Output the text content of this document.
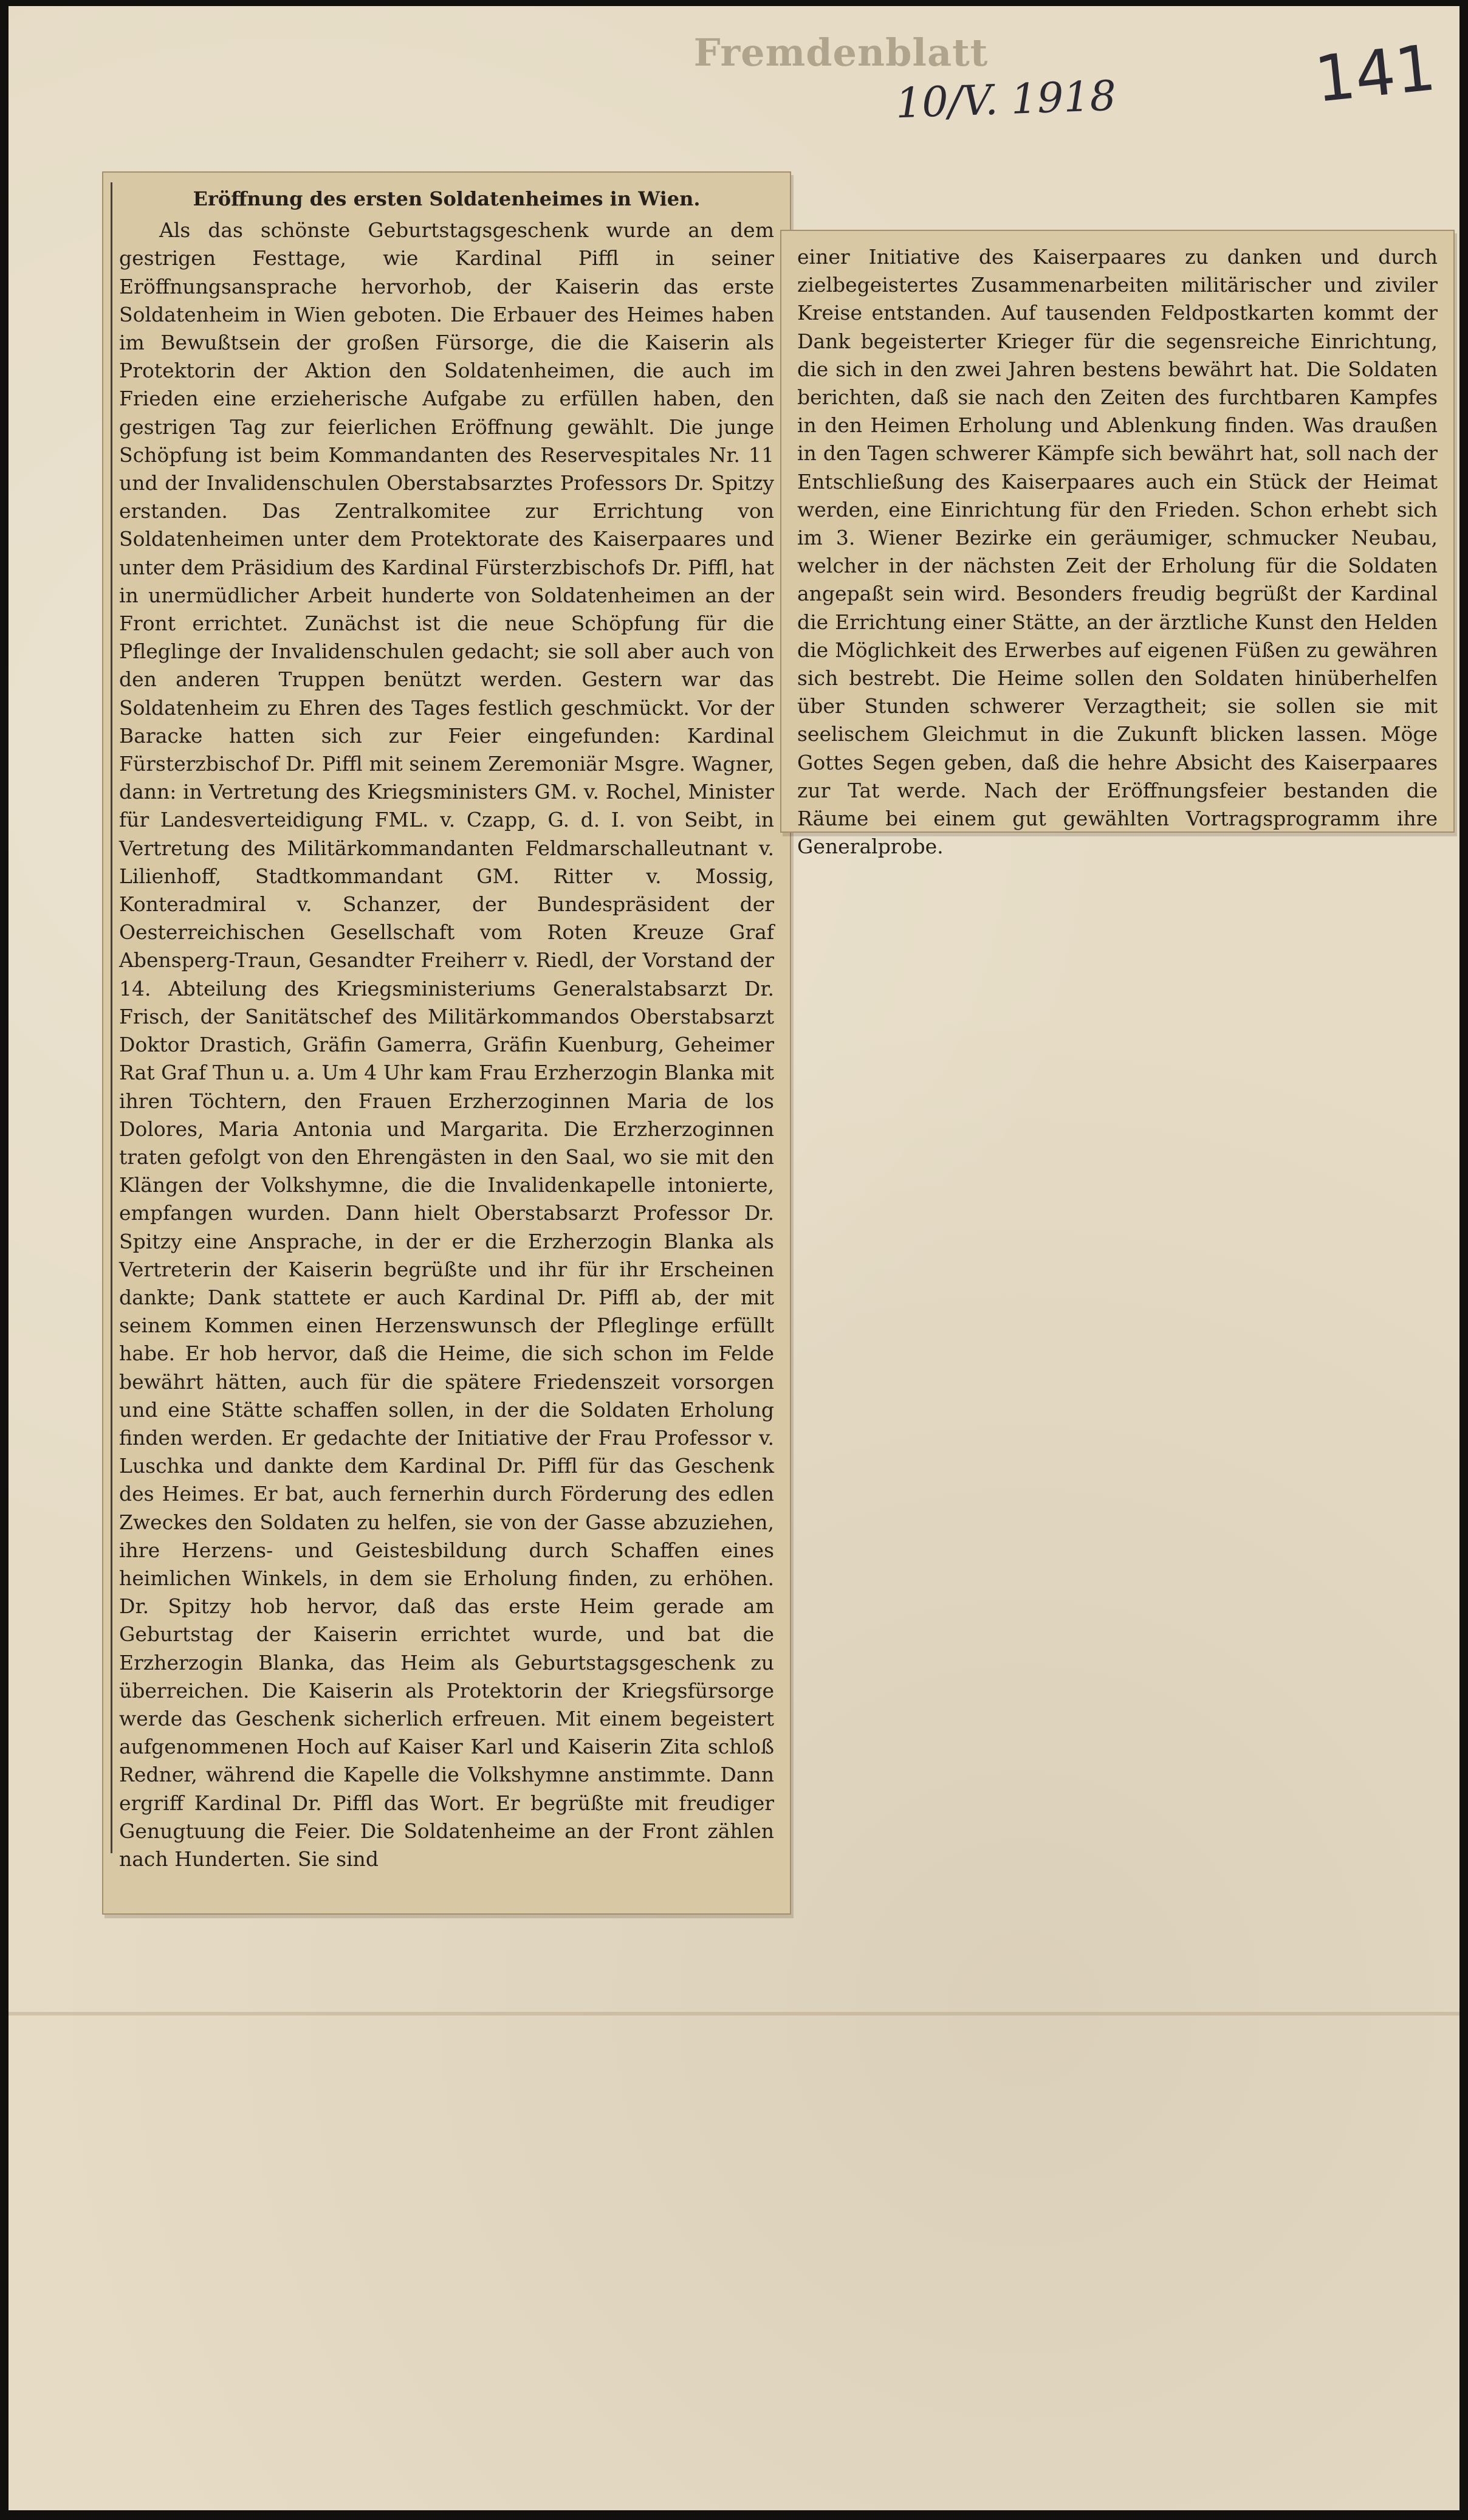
Fremdenblatt
10/V. 1918	141
Eröffnung des ersten Soldatenheimes in Wien.

Als das schönste Geburtstagsgeschenk wurde an dem gestrigen Festtage, wie Kardinal Piffl in seiner Eröffnungsansprache hervorhob, der Kaiserin das erste Soldatenheim in Wien geboten. Die Erbauer des Heimes haben im Bewußtsein der großen Fürsorge, die die Kaiserin als Protektorin der Aktion den Soldatenheimen, die auch im Frieden eine erzieherische Aufgabe zu erfüllen haben, den gestrigen Tag zur feierlichen Eröffnung gewählt. Die junge Schöpfung ist beim Kommandanten des Reservespitales Nr. 11 und der Invalidenschulen Oberstabsarztes Professors Dr. Spitzy erstanden. Das Zentralkomitee zur Errichtung von Soldatenheimen unter dem Protektorate des Kaiserpaares und unter dem Präsidium des Kardinal Fürsterzbischofs Dr. Piffl, hat in unermüdlicher Arbeit hunderte von Soldatenheimen an der Front errichtet. Zunächst ist die neue Schöpfung für die Pfleglinge der Invalidenschulen gedacht; sie soll aber auch von den anderen Truppen benützt werden. Gestern war das Soldatenheim zu Ehren des Tages festlich geschmückt. Vor der Baracke hatten sich zur Feier eingefunden: Kardinal Fürsterzbischof Dr. Piffl mit seinem Zeremoniär Msgre. Wagner, dann: in Vertretung des Kriegsministers GM. v. Rochel, Minister für Landesverteidigung FML. v. Czapp, G. d. I. von Seibt, in Vertretung des Militärkommandanten Feldmarschalleutnant v. Lilienhoff, Stadtkommandant GM. Ritter v. Mossig, Konteradmiral v. Schanzer, der Bundespräsident der Oesterreichischen Gesellschaft vom Roten Kreuze Graf Abensperg-Traun, Gesandter Freiherr v. Riedl, der Vorstand der 14. Abteilung des Kriegsministeriums Generalstabsarzt Dr. Frisch, der Sanitätschef des Militärkommandos Oberstabsarzt Doktor Drastich, Gräfin Gamerra, Gräfin Kuenburg, Geheimer Rat Graf Thun u. a. Um 4 Uhr kam Frau Erzherzogin Blanka mit ihren Töchtern, den Frauen Erzherzoginnen Maria de los Dolores, Maria Antonia und Margarita. Die Erzherzoginnen traten gefolgt von den Ehrengästen in den Saal, wo sie mit den Klängen der Volkshymne, die die Invalidenkapelle intonierte, empfangen wurden. Dann hielt Oberstabsarzt Professor Dr. Spitzy eine Ansprache, in der er die Erzherzogin Blanka als Vertreterin der Kaiserin begrüßte und ihr für ihr Erscheinen dankte; Dank stattete er auch Kardinal Dr. Piffl ab, der mit seinem Kommen einen Herzenswunsch der Pfleglinge erfüllt habe. Er hob hervor, daß die Heime, die sich schon im Felde bewährt hätten, auch für die spätere Friedenszeit vorsorgen und eine Stätte schaffen sollen, in der die Soldaten Erholung finden werden. Er gedachte der Initiative der Frau Professor v. Luschka und dankte dem Kardinal Dr. Piffl für das Geschenk des Heimes. Er bat, auch fernerhin durch Förderung des edlen Zweckes den Soldaten zu helfen, sie von der Gasse abzuziehen, ihre Herzens- und Geistesbildung durch Schaffen eines heimlichen Winkels, in dem sie Erholung finden, zu erhöhen. Dr. Spitzy hob hervor, daß das erste Heim gerade am Geburtstag der Kaiserin errichtet wurde, und bat die Erzherzogin Blanka, das Heim als Geburtstagsgeschenk zu überreichen. Die Kaiserin als Protektorin der Kriegsfürsorge werde das Geschenk sicherlich erfreuen. Mit einem begeistert aufgenommenen Hoch auf Kaiser Karl und Kaiserin Zita schloß Redner, während die Kapelle die Volkshymne anstimmte. Dann ergriff Kardinal Dr. Piffl das Wort. Er begrüßte mit freudiger Genugtuung die Feier. Die Soldatenheime an der Front zählen nach Hunderten. Sie sind

einer Initiative des Kaiserpaares zu danken und durch zielbegeistertes Zusammenarbeiten militärischer und ziviler Kreise entstanden. Auf tausenden Feldpostkarten kommt der Dank begeisterter Krieger für die segensreiche Einrichtung, die sich in den zwei Jahren bestens bewährt hat. Die Soldaten berichten, daß sie nach den Zeiten des furchtbaren Kampfes in den Heimen Erholung und Ablenkung finden. Was draußen in den Tagen schwerer Kämpfe sich bewährt hat, soll nach der Entschließung des Kaiserpaares auch ein Stück der Heimat werden, eine Einrichtung für den Frieden. Schon erhebt sich im 3. Wiener Bezirke ein geräumiger, schmucker Neubau, welcher in der nächsten Zeit der Erholung für die Soldaten angepaßt sein wird. Besonders freudig begrüßt der Kardinal die Errichtung einer Stätte, an der ärztliche Kunst den Helden die Möglichkeit des Erwerbes auf eigenen Füßen zu gewähren sich bestrebt. Die Heime sollen den Soldaten hinüberhelfen über Stunden schwerer Verzagtheit; sie sollen sie mit seelischem Gleichmut in die Zukunft blicken lassen. Möge Gottes Segen geben, daß die hehre Absicht des Kaiserpaares zur Tat werde. Nach der Eröffnungsfeier bestanden die Räume bei einem gut gewählten Vortragsprogramm ihre Generalprobe.
